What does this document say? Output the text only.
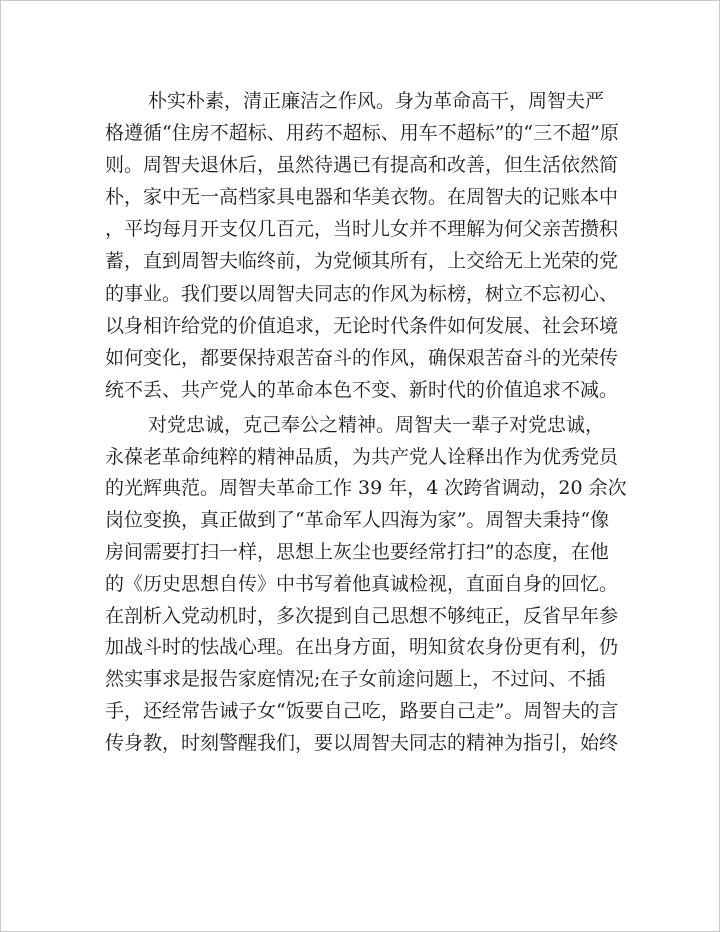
朴实朴素，清正廉洁之作风。身为革命高干，周智夫严
格遵循“住房不超标、用药不超标、用车不超标”的“三不超”原
则。周智夫退休后，虽然待遇已有提高和改善，但生活依然简
朴，家中无一高档家具电器和华美衣物。在周智夫的记账本中
，平均每月开支仅几百元，当时儿女并不理解为何父亲苦攒积
蓄，直到周智夫临终前，为党倾其所有，上交给无上光荣的党
的事业。我们要以周智夫同志的作风为标榜，树立不忘初心、
以身相许给党的价值追求，无论时代条件如何发展、社会环境
如何变化，都要保持艰苦奋斗的作风，确保艰苦奋斗的光荣传
统不丢、共产党人的革命本色不变、新时代的价值追求不减。
对党忠诚，克己奉公之精神。周智夫一辈子对党忠诚，
永葆老革命纯粹的精神品质，为共产党人诠释出作为优秀党员
的光辉典范。周智夫革命工作 39 年，4 次跨省调动，20 余次
岗位变换，真正做到了“革命军人四海为家”。周智夫秉持“像
房间需要打扫一样，思想上灰尘也要经常打扫”的态度，在他
的《历史思想自传》中书写着他真诚检视，直面自身的回忆。
在剖析入党动机时，多次提到自己思想不够纯正，反省早年参
加战斗时的怯战心理。在出身方面，明知贫农身份更有利，仍
然实事求是报告家庭情况;在子女前途问题上，不过问、不插
手，还经常告诫子女“饭要自己吃，路要自己走”。周智夫的言
传身教，时刻警醒我们，要以周智夫同志的精神为指引，始终
